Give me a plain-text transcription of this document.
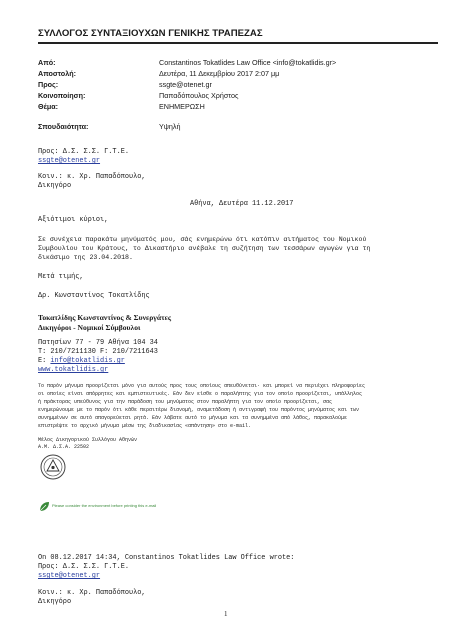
ΣΥΛΛΟΓΟΣ ΣΥΝΤΑΞΙΟΥΧΩΝ ΓΕΝΙΚΗΣ ΤΡΑΠΕΖΑΣ
Από:	Constantinos Tokatlides Law Office <info@tokatlidis.gr>
Αποστολή:	Δευτέρα, 11 Δεκεμβρίου 2017 2:07 μμ
Προς:	ssgte@otenet.gr
Κοινοποίηση:	Παπαδόπουλος Χρήστος
Θέμα:	ΕΝΗΜΕΡΩΣΗ
Σπουδαιότητα:	Υψηλή
Προς: Δ.Σ. Σ.Σ. Γ.Τ.Ε.
ssgte@otenet.gr
Κοιν.: κ. Χρ. Παπαδόπουλο,
Δικηγόρο
Αθήνα, Δευτέρα 11.12.2017
Αξιότιμοι κύριοι,
Σε συνέχεια παρακάτω μηνύματός μου, σάς ενημερώνω ότι κατόπιν αιτήματος του Νομικού
Συμβουλίου του Κράτους, το Δικαστήριο ανέβαλε τη συζήτηση των τεσσάρων αγωγών για τη
δικάσιμο της 23.04.2018.
Μετά τιμής,
Δρ. Κωνσταντίνος Τοκατλίδης
Τοκατλίδης Κωνσταντίνος & Συνεργάτες
Δικηγόροι - Νομικοί Σύμβουλοι
Πατησίων 77 - 79 Αθήνα 104 34
T: 210/7211130 F: 210/7211643
E: info@tokatlidis.gr
www.tokatlidis.gr
Το παρόν μήνυμα προορίζεται μόνο για αυτούς προς τους οποίους απευθύνεται· και μπορεί να περιέχει πληροφορίες
οι οποίες είναι απόρρητες και εμπιστευτικές. Εάν δεν είσθε ο παραλήπτης για τον οποίο προορίζεται, υπάλληλος
ή πράκτορας υπεύθυνος για την παράδοση του μηνύματος στον παραλήπτη για τον οποίο προορίζεται, σας
ενημερώνουμε με το παρόν ότι κάθε περαιτέρω διανομή, αναμετάδοση ή αντιγραφή του παρόντος μηνύματος και των
συνημμένων σε αυτό απαγορεύεται ρητά. Εάν λάβατε αυτό το μήνυμα και τα συνημμένα από λάθος, παρακαλούμε
επιστρέψτε το αρχικό μήνυμα μέσω της διαδικασίας «απάντηση» στο e-mail.
Μέλος Δικηγορικού Συλλόγου Αθηνών
Α.Μ. Δ.Σ.Α. 22502
Please consider the environment before printing this e-mail
On 08.12.2017 14:34, Constantinos Tokatlides Law Office wrote:
Προς: Δ.Σ. Σ.Σ. Γ.Τ.Ε.
ssgte@otenet.gr
Κοιν.: κ. Χρ. Παπαδόπουλο,
Δικηγόρο
1
